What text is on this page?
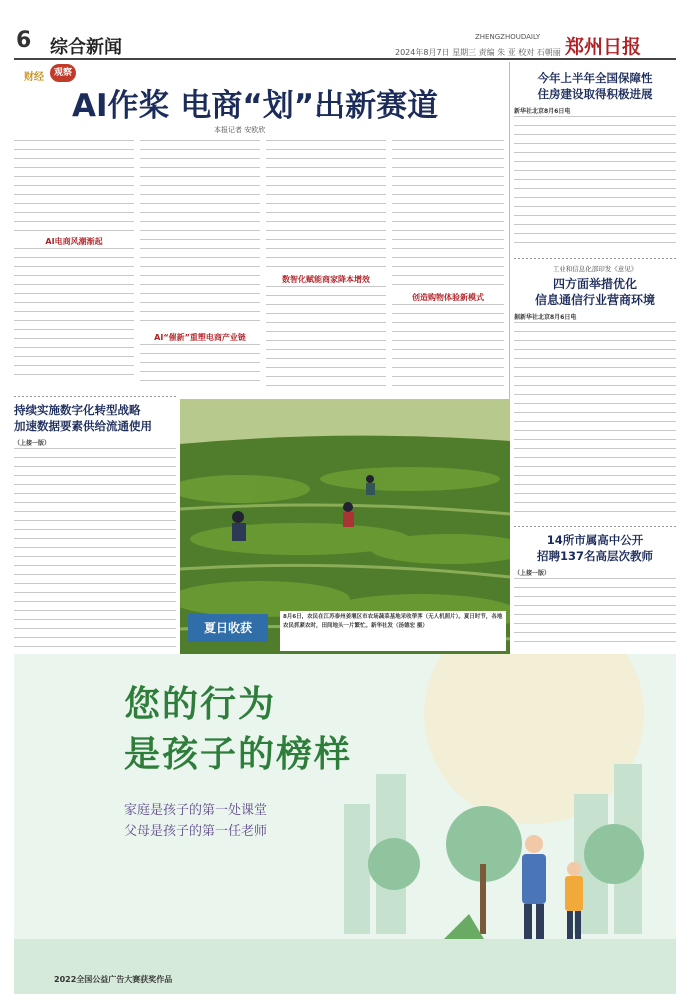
6 综合新闻	ZHENGZHOUDAILY
2024年8月7日 星期三 责编 朱 亚 校对 石朝丽 郑州日报
财经	观察
AI作桨 电商“划”出新赛道
本报记者 安欧欣
AI电商风潮渐起
AI“催新”重塑电商产业链
数智化赋能商家降本增效
创造购物体验新模式
今年上半年全国保障性
住房建设取得积极进展
新华社北京8月6日电
工业和信息化部印发《意见》
四方面举措优化
信息通信行业营商环境
据新华社北京8月6日电
14所市属高中公开
招聘137名高层次教师
（上接一版）
持续实施数字化转型战略
加速数据要素供给流通使用
（上接一版）
夏日收获
8月6日，农民在江苏泰州姜堰区市农场蔬菜基地采收荸荠（无人机照片）。夏日时节，各地农民抓紧农时，田间地头一片繁忙。新华社发（汤德宏 摄）
您的行为
是孩子的榜样
家庭是孩子的第一处课堂
父母是孩子的第一任老师
2022全国公益广告大赛获奖作品
